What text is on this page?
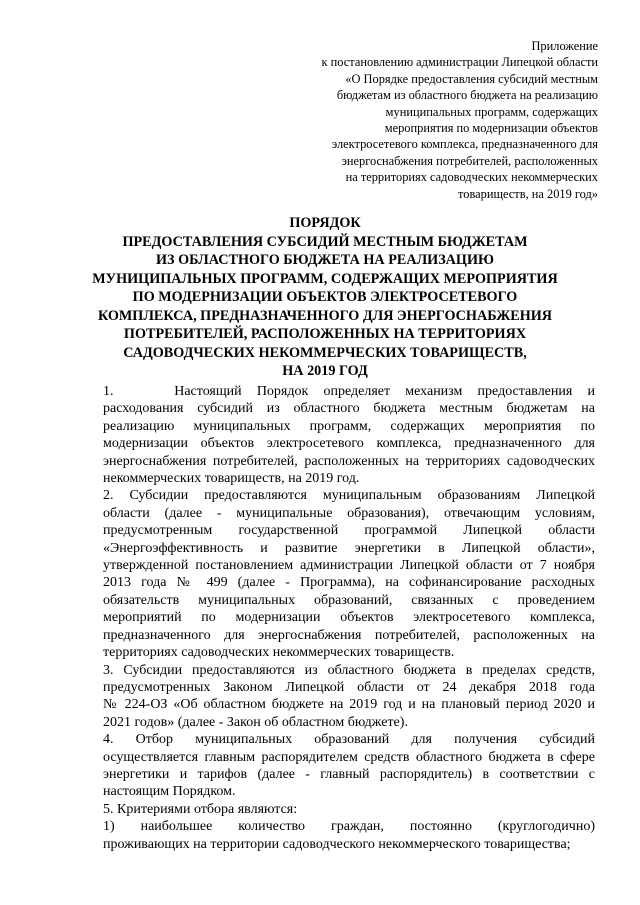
Приложение
к постановлению администрации Липецкой области
«О Порядке предоставления субсидий местным
бюджетам из областного бюджета на реализацию
муниципальных программ, содержащих
мероприятия по модернизации объектов
электросетевого комплекса, предназначенного для
энергоснабжения потребителей, расположенных
на территориях садоводческих некоммерческих
товариществ, на 2019 год»
ПОРЯДОК
ПРЕДОСТАВЛЕНИЯ СУБСИДИЙ МЕСТНЫМ БЮДЖЕТАМ
ИЗ ОБЛАСТНОГО БЮДЖЕТА НА РЕАЛИЗАЦИЮ
МУНИЦИПАЛЬНЫХ ПРОГРАММ, СОДЕРЖАЩИХ МЕРОПРИЯТИЯ
ПО МОДЕРНИЗАЦИИ ОБЪЕКТОВ ЭЛЕКТРОСЕТЕВОГО
КОМПЛЕКСА, ПРЕДНАЗНАЧЕННОГО ДЛЯ ЭНЕРГОСНАБЖЕНИЯ
ПОТРЕБИТЕЛЕЙ, РАСПОЛОЖЕННЫХ НА ТЕРРИТОРИЯХ
САДОВОДЧЕСКИХ НЕКОММЕРЧЕСКИХ ТОВАРИЩЕСТВ,
НА 2019 ГОД
1.    Настоящий Порядок определяет механизм предоставления и
расходования субсидий из областного бюджета местным бюджетам на
реализацию муниципальных программ, содержащих мероприятия по
модернизации объектов электросетевого комплекса, предназначенного для
энергоснабжения потребителей, расположенных на территориях садоводческих
некоммерческих товариществ, на 2019 год.
2. Субсидии предоставляются муниципальным образованиям Липецкой
области (далее - муниципальные образования), отвечающим условиям,
предусмотренным государственной программой Липецкой области
«Энергоэффективность и развитие энергетики в Липецкой области»,
утвержденной постановлением администрации Липецкой области от 7 ноября
2013 года № 499 (далее - Программа), на софинансирование расходных
обязательств муниципальных образований, связанных с проведением
мероприятий по модернизации объектов электросетевого комплекса,
предназначенного для энергоснабжения потребителей, расположенных на
территориях садоводческих некоммерческих товариществ.
3. Субсидии предоставляются из областного бюджета в пределах средств,
предусмотренных Законом Липецкой области от 24 декабря 2018 года
№ 224-ОЗ «Об областном бюджете на 2019 год и на плановый период 2020 и
2021 годов» (далее - Закон об областном бюджете).
4. Отбор муниципальных образований для получения субсидий
осуществляется главным распорядителем средств областного бюджета в сфере
энергетики и тарифов (далее - главный распорядитель) в соответствии с
настоящим Порядком.
5. Критериями отбора являются:
1) наибольшее количество граждан, постоянно (круглогодично)
проживающих на территории садоводческого некоммерческого товарищества;
